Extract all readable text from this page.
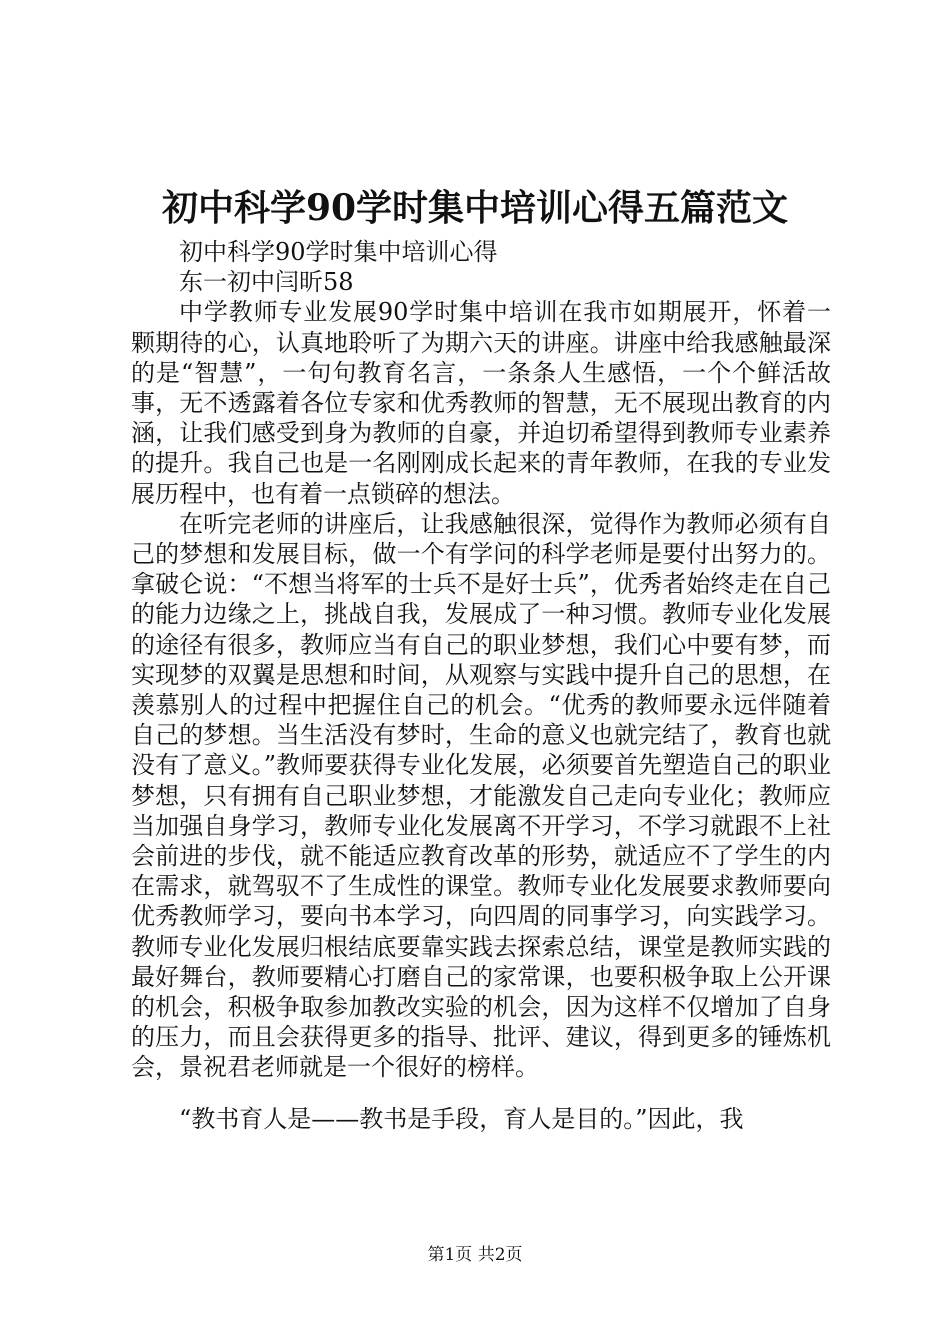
初中科学90学时集中培训心得五篇范文

初中科学90学时集中培训心得

东一初中闫昕58

中学教师专业发展90学时集中培训在我市如期展开，怀着一颗期待的心，认真地聆听了为期六天的讲座。讲座中给我感触最深的是“智慧”，一句句教育名言，一条条人生感悟，一个个鲜活故事，无不透露着各位专家和优秀教师的智慧，无不展现出教育的内涵，让我们感受到身为教师的自豪，并迫切希望得到教师专业素养的提升。我自己也是一名刚刚成长起来的青年教师，在我的专业发展历程中，也有着一点锁碎的想法。

在听完老师的讲座后，让我感触很深，觉得作为教师必须有自己的梦想和发展目标，做一个有学问的科学老师是要付出努力的。拿破仑说：“不想当将军的士兵不是好士兵”，优秀者始终走在自己的能力边缘之上，挑战自我，发展成了一种习惯。教师专业化发展的途径有很多，教师应当有自己的职业梦想，我们心中要有梦，而实现梦的双翼是思想和时间，从观察与实践中提升自己的思想，在羡慕别人的过程中把握住自己的机会。“优秀的教师要永远伴随着自己的梦想。当生活没有梦时，生命的意义也就完结了，教育也就没有了意义。”教师要获得专业化发展，必须要首先塑造自己的职业梦想，只有拥有自己职业梦想，才能激发自己走向专业化；教师应当加强自身学习，教师专业化发展离不开学习，不学习就跟不上社会前进的步伐，就不能适应教育改革的形势，就适应不了学生的内在需求，就驾驭不了生成性的课堂。教师专业化发展要求教师要向优秀教师学习，要向书本学习，向四周的同事学习，向实践学习。教师专业化发展归根结底要靠实践去探索总结，课堂是教师实践的最好舞台，教师要精心打磨自己的家常课，也要积极争取上公开课的机会，积极争取参加教改实验的机会，因为这样不仅增加了自身的压力，而且会获得更多的指导、批评、建议，得到更多的锤炼机会，景祝君老师就是一个很好的榜样。

“教书育人是——教书是手段，育人是目的。”因此，我

第1页 共2页
